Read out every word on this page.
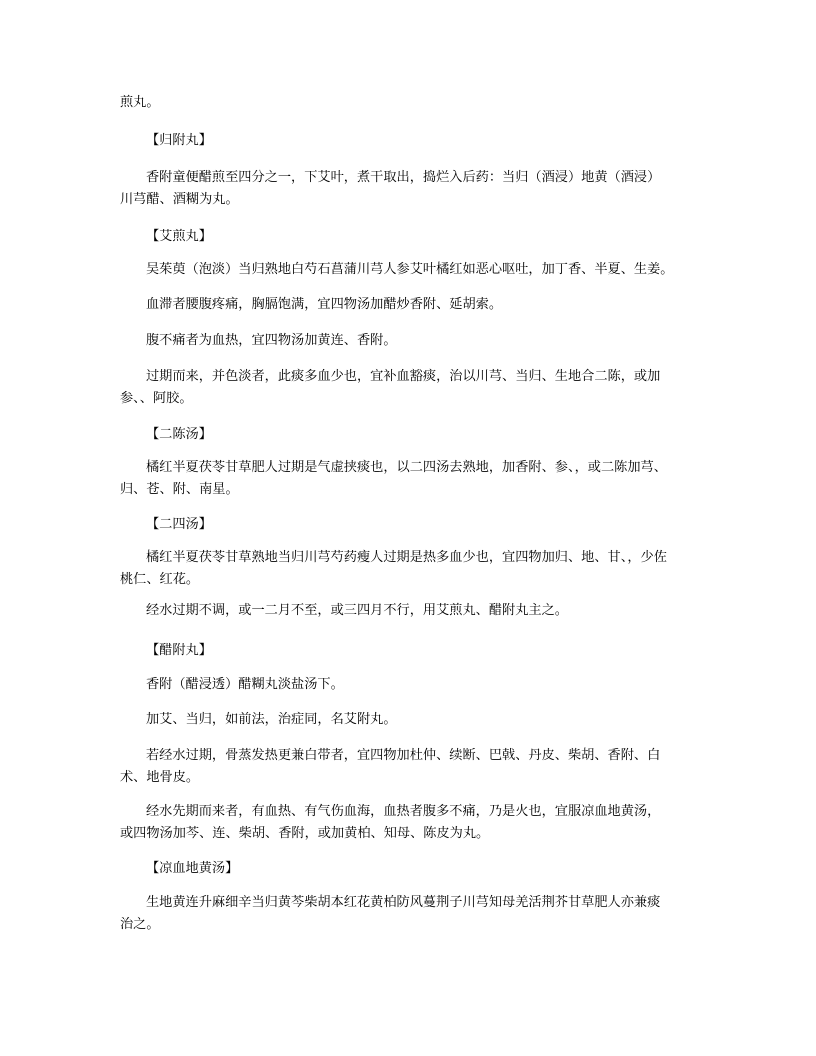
煎丸。
【归附丸】
香附童便醋煎至四分之一，下艾叶，煮干取出，捣烂入后药：当归（酒浸）地黄（酒浸）
川芎醋、酒糊为丸。
【艾煎丸】
吴茱萸（泡淡）当归熟地白芍石菖蒲川芎人参艾叶橘红如恶心呕吐，加丁香、半夏、生姜。
血滞者腰腹疼痛，胸膈饱满，宜四物汤加醋炒香附、延胡索。
腹不痛者为血热，宜四物汤加黄连、香附。
过期而来，并色淡者，此痰多血少也，宜补血豁痰，治以川芎、当归、生地合二陈，或加
参、、阿胶。
【二陈汤】
橘红半夏茯苓甘草肥人过期是气虚挟痰也，以二四汤去熟地，加香附、参、，或二陈加芎、
归、苍、附、南星。
【二四汤】
橘红半夏茯苓甘草熟地当归川芎芍药瘦人过期是热多血少也，宜四物加归、地、甘、，少佐
桃仁、红花。
经水过期不调，或一二月不至，或三四月不行，用艾煎丸、醋附丸主之。
【醋附丸】
香附（醋浸透）醋糊丸淡盐汤下。
加艾、当归，如前法，治症同，名艾附丸。
若经水过期，骨蒸发热更兼白带者，宜四物加杜仲、续断、巴戟、丹皮、柴胡、香附、白
术、地骨皮。
经水先期而来者，有血热、有气伤血海，血热者腹多不痛，乃是火也，宜服凉血地黄汤，
或四物汤加芩、连、柴胡、香附，或加黄柏、知母、陈皮为丸。
【凉血地黄汤】
生地黄连升麻细辛当归黄芩柴胡本红花黄柏防风蔓荆子川芎知母羌活荆芥甘草肥人亦兼痰
治之。
